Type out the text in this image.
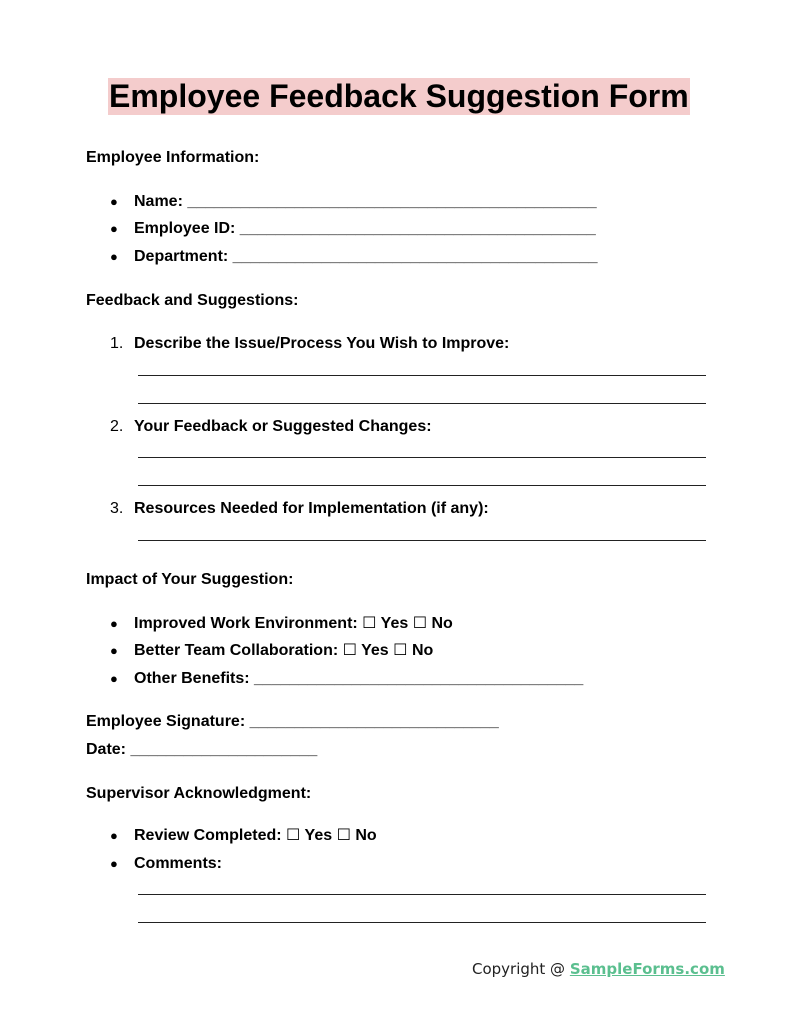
Employee Feedback Suggestion Form
Employee Information:
● Name: ______________________________________________
● Employee ID: ________________________________________
● Department: _________________________________________
Feedback and Suggestions:
1. Describe the Issue/Process You Wish to Improve:
2. Your Feedback or Suggested Changes:
3. Resources Needed for Implementation (if any):
Impact of Your Suggestion:
● Improved Work Environment: ☐ Yes ☐ No
● Better Team Collaboration: ☐ Yes ☐ No
● Other Benefits: _____________________________________
Employee Signature: ____________________________
Date: _____________________
Supervisor Acknowledgment:
● Review Completed: ☐ Yes ☐ No
● Comments:
Copyright @ SampleForms.com
